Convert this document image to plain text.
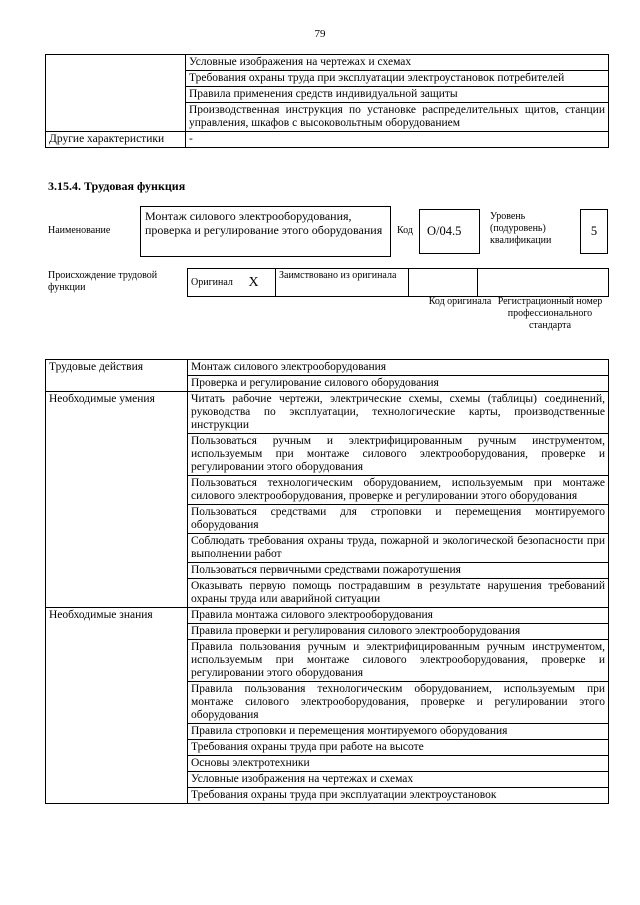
79
	Условные изображения на чертежах и схемах
	Требования охраны труда при эксплуатации электроустановок потребителей
	Правила применения средств индивидуальной защиты
	Производственная инструкция по установке распределительных щитов, станции управления, шкафов с высоковольтным оборудованием
Другие характеристики	-
3.15.4. Трудовая функция
Наименование
Монтаж силового электрооборудования, проверка и регулирование этого оборудования	Код	O/04.5
Уровень (подуровень) квалификации
5
Происхождение трудовой функции	Оригинал	X	Заимствовано из оригинала		
Код оригинала Регистрационный номер профессионального стандарта
Трудовые действия	Монтаж силового электрооборудования
	Проверка и регулирование силового оборудования
Необходимые умения	Читать рабочие чертежи, электрические схемы, схемы (таблицы) соединений, руководства по эксплуатации, технологические карты, производственные инструкции
	Пользоваться ручным и электрифицированным ручным инструментом, используемым при монтаже силового электрооборудования, проверке и регулировании этого оборудования
	Пользоваться технологическим оборудованием, используемым при монтаже силового электрооборудования, проверке и регулировании этого оборудования
	Пользоваться средствами для строповки и перемещения монтируемого оборудования
	Соблюдать требования охраны труда, пожарной и экологической безопасности при выполнении работ
	Пользоваться первичными средствами пожаротушения
	Оказывать первую помощь пострадавшим в результате нарушения требований охраны труда или аварийной ситуации
Необходимые знания	Правила монтажа силового электрооборудования
	Правила проверки и регулирования силового электрооборудования
	Правила пользования ручным и электрифицированным ручным инструментом, используемым при монтаже силового электрооборудования, проверке и регулировании этого оборудования
	Правила пользования технологическим оборудованием, используемым при монтаже силового электрооборудования, проверке и регулировании этого оборудования
	Правила строповки и перемещения монтируемого оборудования
	Требования охраны труда при работе на высоте
	Основы электротехники
	Условные изображения на чертежах и схемах
	Требования охраны труда при эксплуатации электроустановок
